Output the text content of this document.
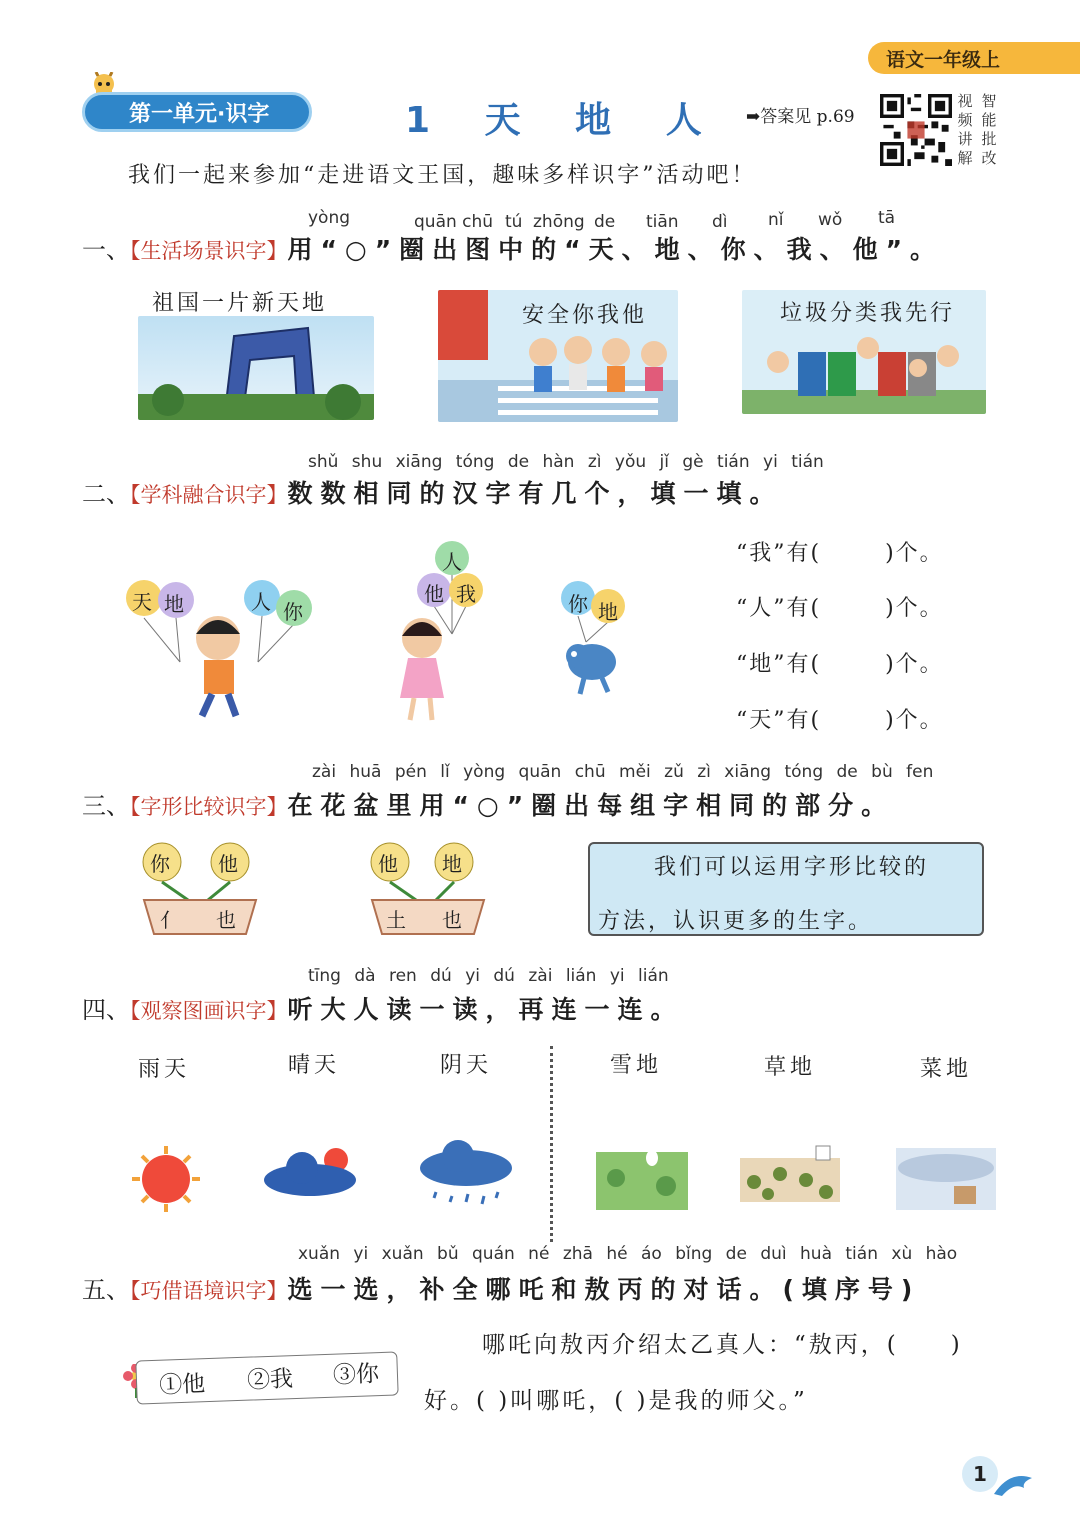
语文一年级上
第一单元·识字	1 天 地 人	➡答案见 p.69
视
频
讲
解
智
能
批
改
我们一起来参加“走进语文王国，趣味多样识字”活动吧！
yòng	quān chū tú zhōng de tiān dì nǐ wǒ tā
一、【生活场景识字】用“○”圈出图中的“天、地、你、我、他”。
祖国一片新天地	安全你我他	垃圾分类我先行
shǔ shu xiāng tóng de hàn zì yǒu jǐ gè tián yi tián
二、【学科融合识字】数数相同的汉字有几个，填一填。
天 地	人 你
人
他 我	你 地
“我”有(	)个。
“人”有(	)个。
“地”有(	)个。
“天”有(	)个。
zài huā pén lǐ yòng quān chū měi zǔ zì xiāng tóng de bù fen
三、【字形比较识字】在花盆里用“○”圈出每组字相同的部分。
你 他
亻 也
他 地
土 也
我们可以运用字形比较的
方法，认识更多的生字。
tīng dà ren dú yi dú zài lián yi lián
四、【观察图画识字】听大人读一读，再连一连。
雨天	晴天	阴天	雪地	草地	菜地
xuǎn yi xuǎn bǔ quán né zhā hé áo bǐng de duì huà tián xù hào
五、【巧借语境识字】选一选，补全哪吒和敖丙的对话。(填序号)
哪吒向敖丙介绍太乙真人：“敖丙，( )
好。( )叫哪吒，( )是我的师父。”
①他 ②我 ③你
1
